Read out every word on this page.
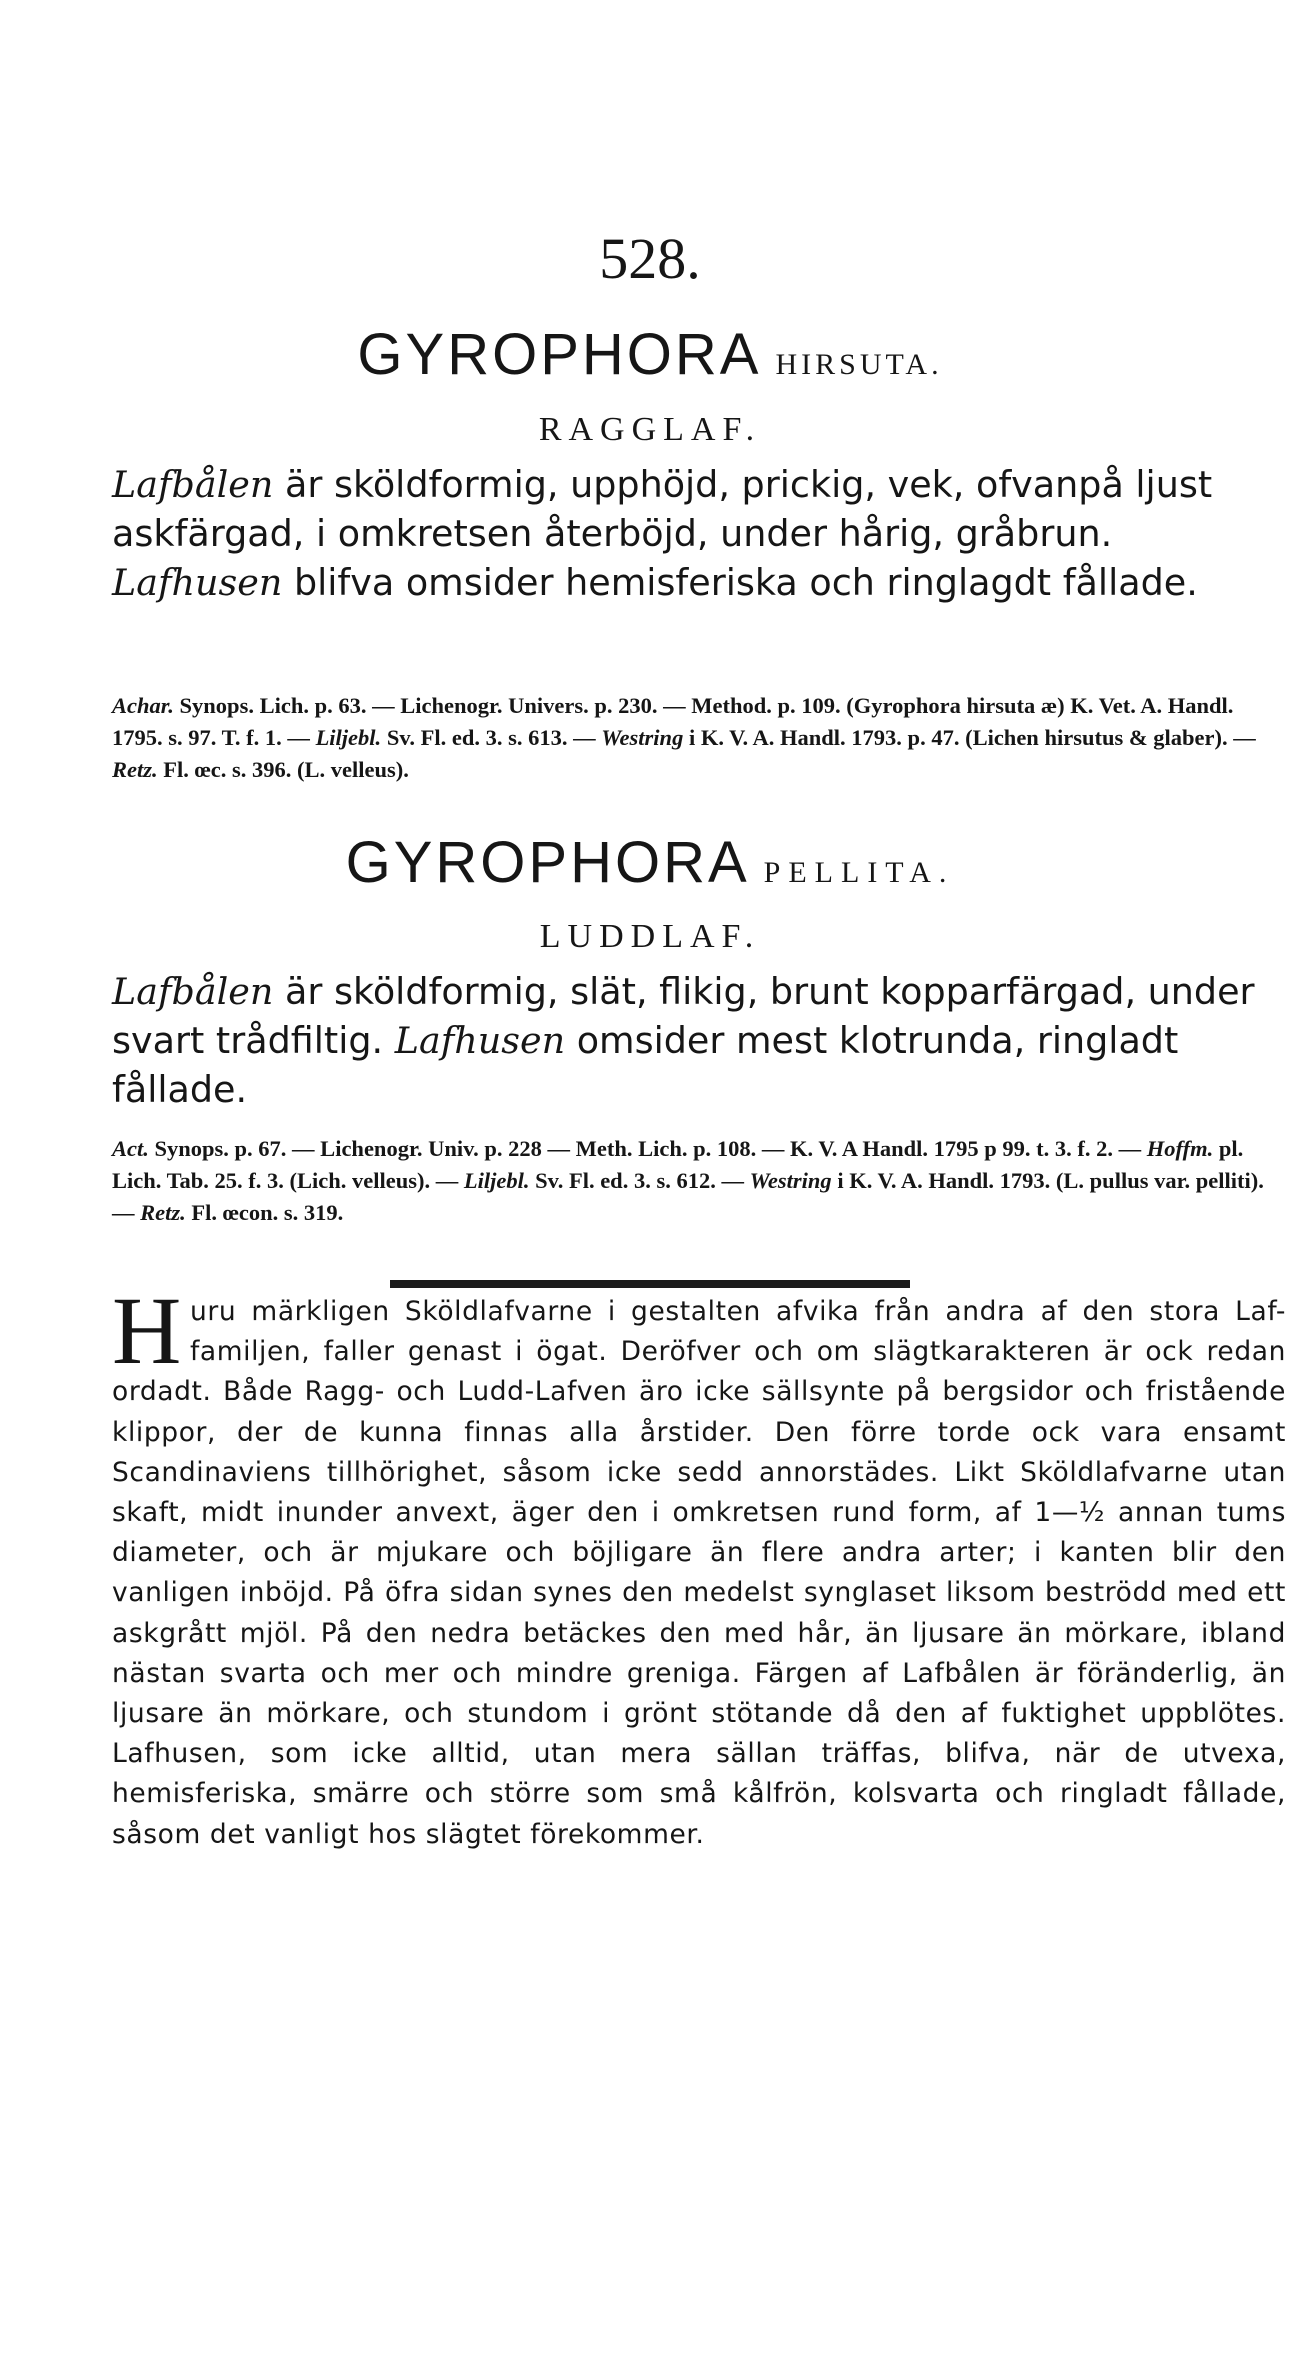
528.
GYROPHORA HIRSUTA.
RAGGLAF.

Lafbålen är sköldformig, upphöjd, prickig, vek, ofvanpå ljust askfärgad, i omkretsen återböjd, under hårig, gråbrun. Lafhusen blifva omsider hemisferiska och ringlagdt fållade.

Achar. Synops. Lich. p. 63. — Lichenogr. Univers. p. 230. — Method. p. 109. (Gyrophora hirsuta æ) K. Vet. A. Handl. 1795. s. 97. T. f. 1. — Liljebl. Sv. Fl. ed. 3. s. 613. — Westring i K. V. A. Handl. 1793. p. 47. (Lichen hirsutus & glaber). — Retz. Fl. œc. s. 396. (L. velleus).

GYROPHORA PELLITA.
LUDDLAF.

Lafbålen är sköldformig, slät, flikig, brunt kopparfärgad, under svart trådfiltig. Lafhusen omsider mest klotrunda, ringladt fållade.

Act. Synops. p. 67. — Lichenogr. Univ. p. 228 — Meth. Lich. p. 108. — K. V. A Handl. 1795 p 99. t. 3. f. 2. — Hoffm. pl. Lich. Tab. 25. f. 3. (Lich. velleus). — Liljebl. Sv. Fl. ed. 3. s. 612. — Westring i K. V. A. Handl. 1793. (L. pullus var. pelliti). — Retz. Fl. œcon. s. 319.

Huru märkligen Sköldlafvarne i gestalten afvika från andra af den stora Laf-familjen, faller genast i ögat. Deröfver och om slägtkarakteren är ock redan ordadt. Både Ragg- och Ludd-Lafven äro icke sällsynte på bergsidor och fristående klippor, der de kunna finnas alla årstider. Den förre torde ock vara ensamt Scandinaviens tillhörighet, såsom icke sedd annorstädes. Likt Sköldlafvarne utan skaft, midt inunder anvext, äger den i omkretsen rund form, af 1—½ annan tums diameter, och är mjukare och böjligare än flere andra arter; i kanten blir den vanligen inböjd. På öfra sidan synes den medelst synglaset liksom beströdd med ett askgrått mjöl. På den nedra betäckes den med hår, än ljusare än mörkare, ibland nästan svarta och mer och mindre greniga. Färgen af Lafbålen är föränderlig, än ljusare än mörkare, och stundom i grönt stötande då den af fuktighet uppblötes. Lafhusen, som icke alltid, utan mera sällan träffas, blifva, när de utvexa, hemisferiska, smärre och större som små kålfrön, kolsvarta och ringladt fållade, såsom det vanligt hos slägtet förekommer.
